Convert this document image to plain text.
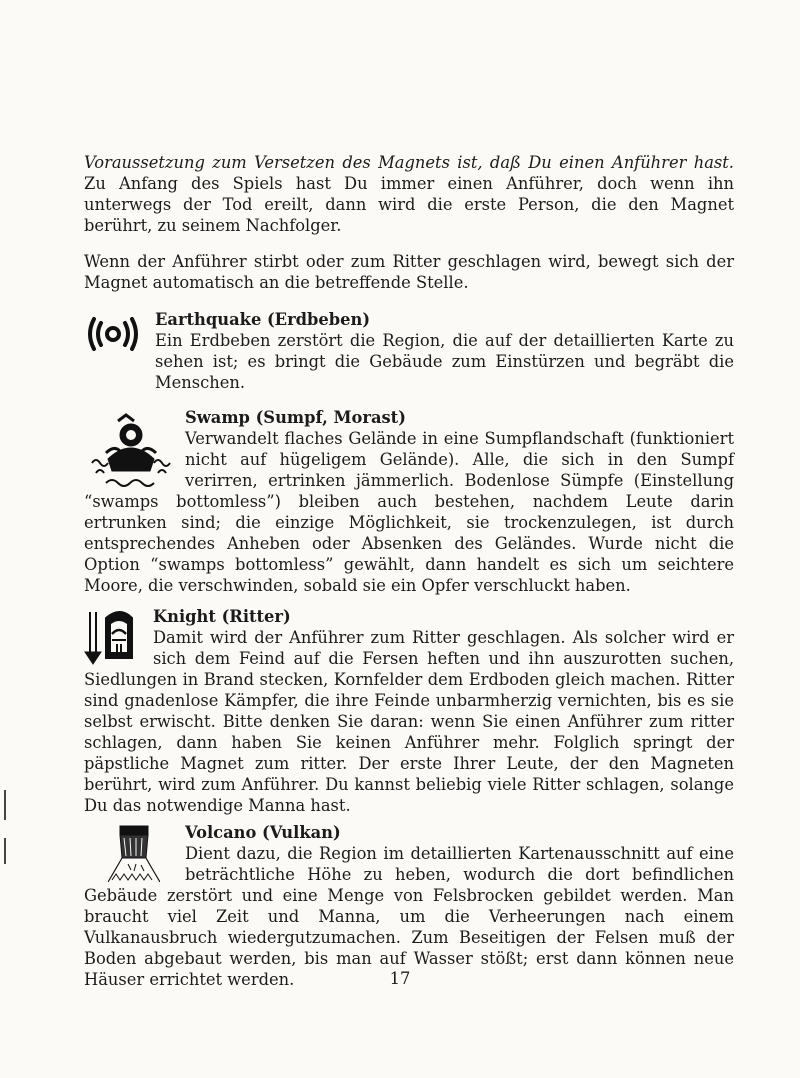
Voraussetzung zum Versetzen des Magnets ist, daß Du einen Anführer hast. Zu Anfang des Spiels hast Du immer einen Anführer, doch wenn ihn unterwegs der Tod ereilt, dann wird die erste Person, die den Magnet berührt, zu seinem Nachfolger.

Wenn der Anführer stirbt oder zum Ritter geschlagen wird, bewegt sich der Magnet automatisch an die betreffende Stelle.

Earthquake (Erdbeben)
Ein Erdbeben zerstört die Region, die auf der detaillierten Karte zu sehen ist; es bringt die Gebäude zum Einstürzen und begräbt die Menschen.
Swamp (Sumpf, Morast)
Verwandelt flaches Gelände in eine Sumpflandschaft (funktioniert nicht auf hügeligem Gelände). Alle, die sich in den Sumpf verirren, ertrinken jämmerlich. Bodenlose Sümpfe (Einstellung “swamps bottomless”) bleiben auch bestehen, nachdem Leute darin ertrunken sind; die einzige Möglichkeit, sie trockenzulegen, ist durch entsprechendes Anheben oder Absenken des Geländes. Wurde nicht die Option “swamps bottomless” gewählt, dann handelt es sich um seichtere Moore, die verschwinden, sobald sie ein Opfer verschluckt haben.
Knight (Ritter)
Damit wird der Anführer zum Ritter geschlagen. Als solcher wird er sich dem Feind auf die Fersen heften und ihn auszurotten suchen, Siedlungen in Brand stecken, Kornfelder dem Erdboden gleich machen. Ritter sind gnadenlose Kämpfer, die ihre Feinde unbarmherzig vernichten, bis es sie selbst erwischt. Bitte denken Sie daran: wenn Sie einen Anführer zum ritter schlagen, dann haben Sie keinen Anführer mehr. Folglich springt der päpstliche Magnet zum ritter. Der erste Ihrer Leute, der den Magneten berührt, wird zum Anführer. Du kannst beliebig viele Ritter schlagen, solange Du das notwendige Manna hast.
Volcano (Vulkan)
Dient dazu, die Region im detaillierten Kartenausschnitt auf eine beträchtliche Höhe zu heben, wodurch die dort befindlichen Gebäude zerstört und eine Menge von Felsbrocken gebildet werden. Man braucht viel Zeit und Manna, um die Verheerungen nach einem Vulkanausbruch wiedergutzumachen. Zum Beseitigen der Felsen muß der Boden abgebaut werden, bis man auf Wasser stößt; erst dann können neue Häuser errichtet werden.	17
